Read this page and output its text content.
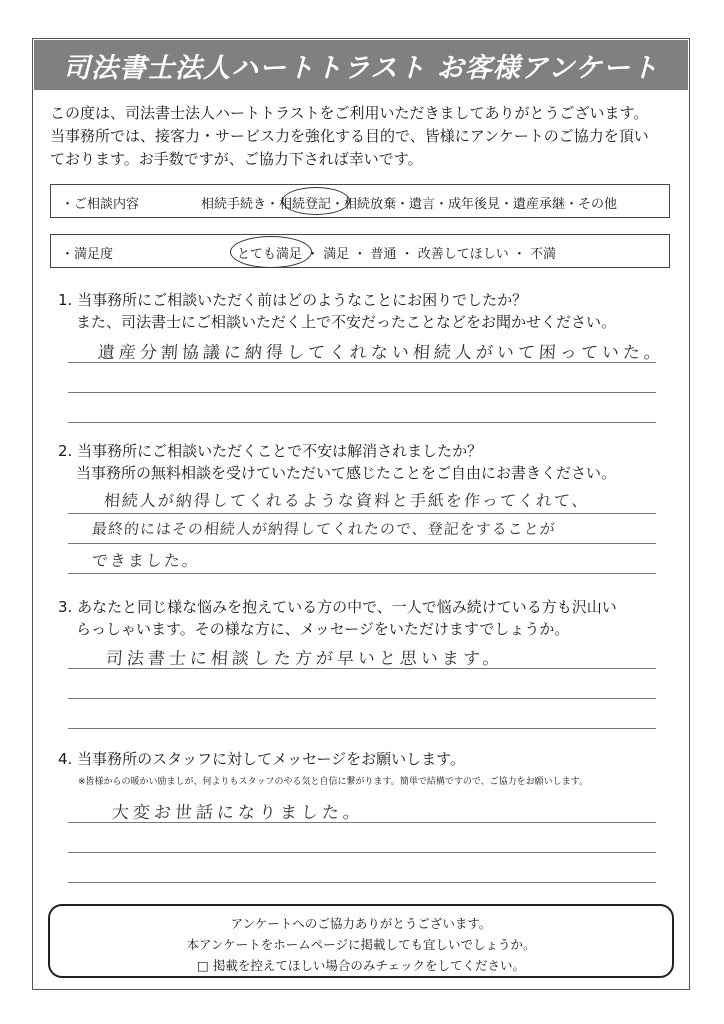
司法書士法人ハートトラスト お客様アンケート
この度は、司法書士法人ハートトラストをご利用いただきましてありがとうございます。
当事務所では、接客力・サービス力を強化する目的で、皆様にアンケートのご協力を頂い
ております。お手数ですが、ご協力下されば幸いです。
・ご相談内容	相続手続き・相続登記・相続放棄・遺言・成年後見・遺産承継・その他
・満足度	とても満足 ・ 満足 ・ 普通 ・ 改善してほしい ・ 不満
1. 当事務所にご相談いただく前はどのようなことにお困りでしたか？
また、司法書士にご相談いただく上で不安だったことなどをお聞かせください。
遺産分割協議に納得してくれない相続人がいて困っていた。
2. 当事務所にご相談いただくことで不安は解消されましたか？
当事務所の無料相談を受けていただいて感じたことをご自由にお書きください。
相続人が納得してくれるような資料と手紙を作ってくれて、
最終的にはその相続人が納得してくれたので、登記をすることが
できました。
3. あなたと同じ様な悩みを抱えている方の中で、一人で悩み続けている方も沢山い
らっしゃいます。その様な方に、メッセージをいただけますでしょうか。
司法書士に相談した方が早いと思います。
4. 当事務所のスタッフに対してメッセージをお願いします。
※皆様からの暖かい励ましが、何よりもスタッフのやる気と自信に繋がります。簡単で結構ですので、ご協力をお願いします。
大変お世話になりました。
アンケートへのご協力ありがとうございます。
本アンケートをホームページに掲載しても宜しいでしょうか。
□ 掲載を控えてほしい場合のみチェックをしてください。
